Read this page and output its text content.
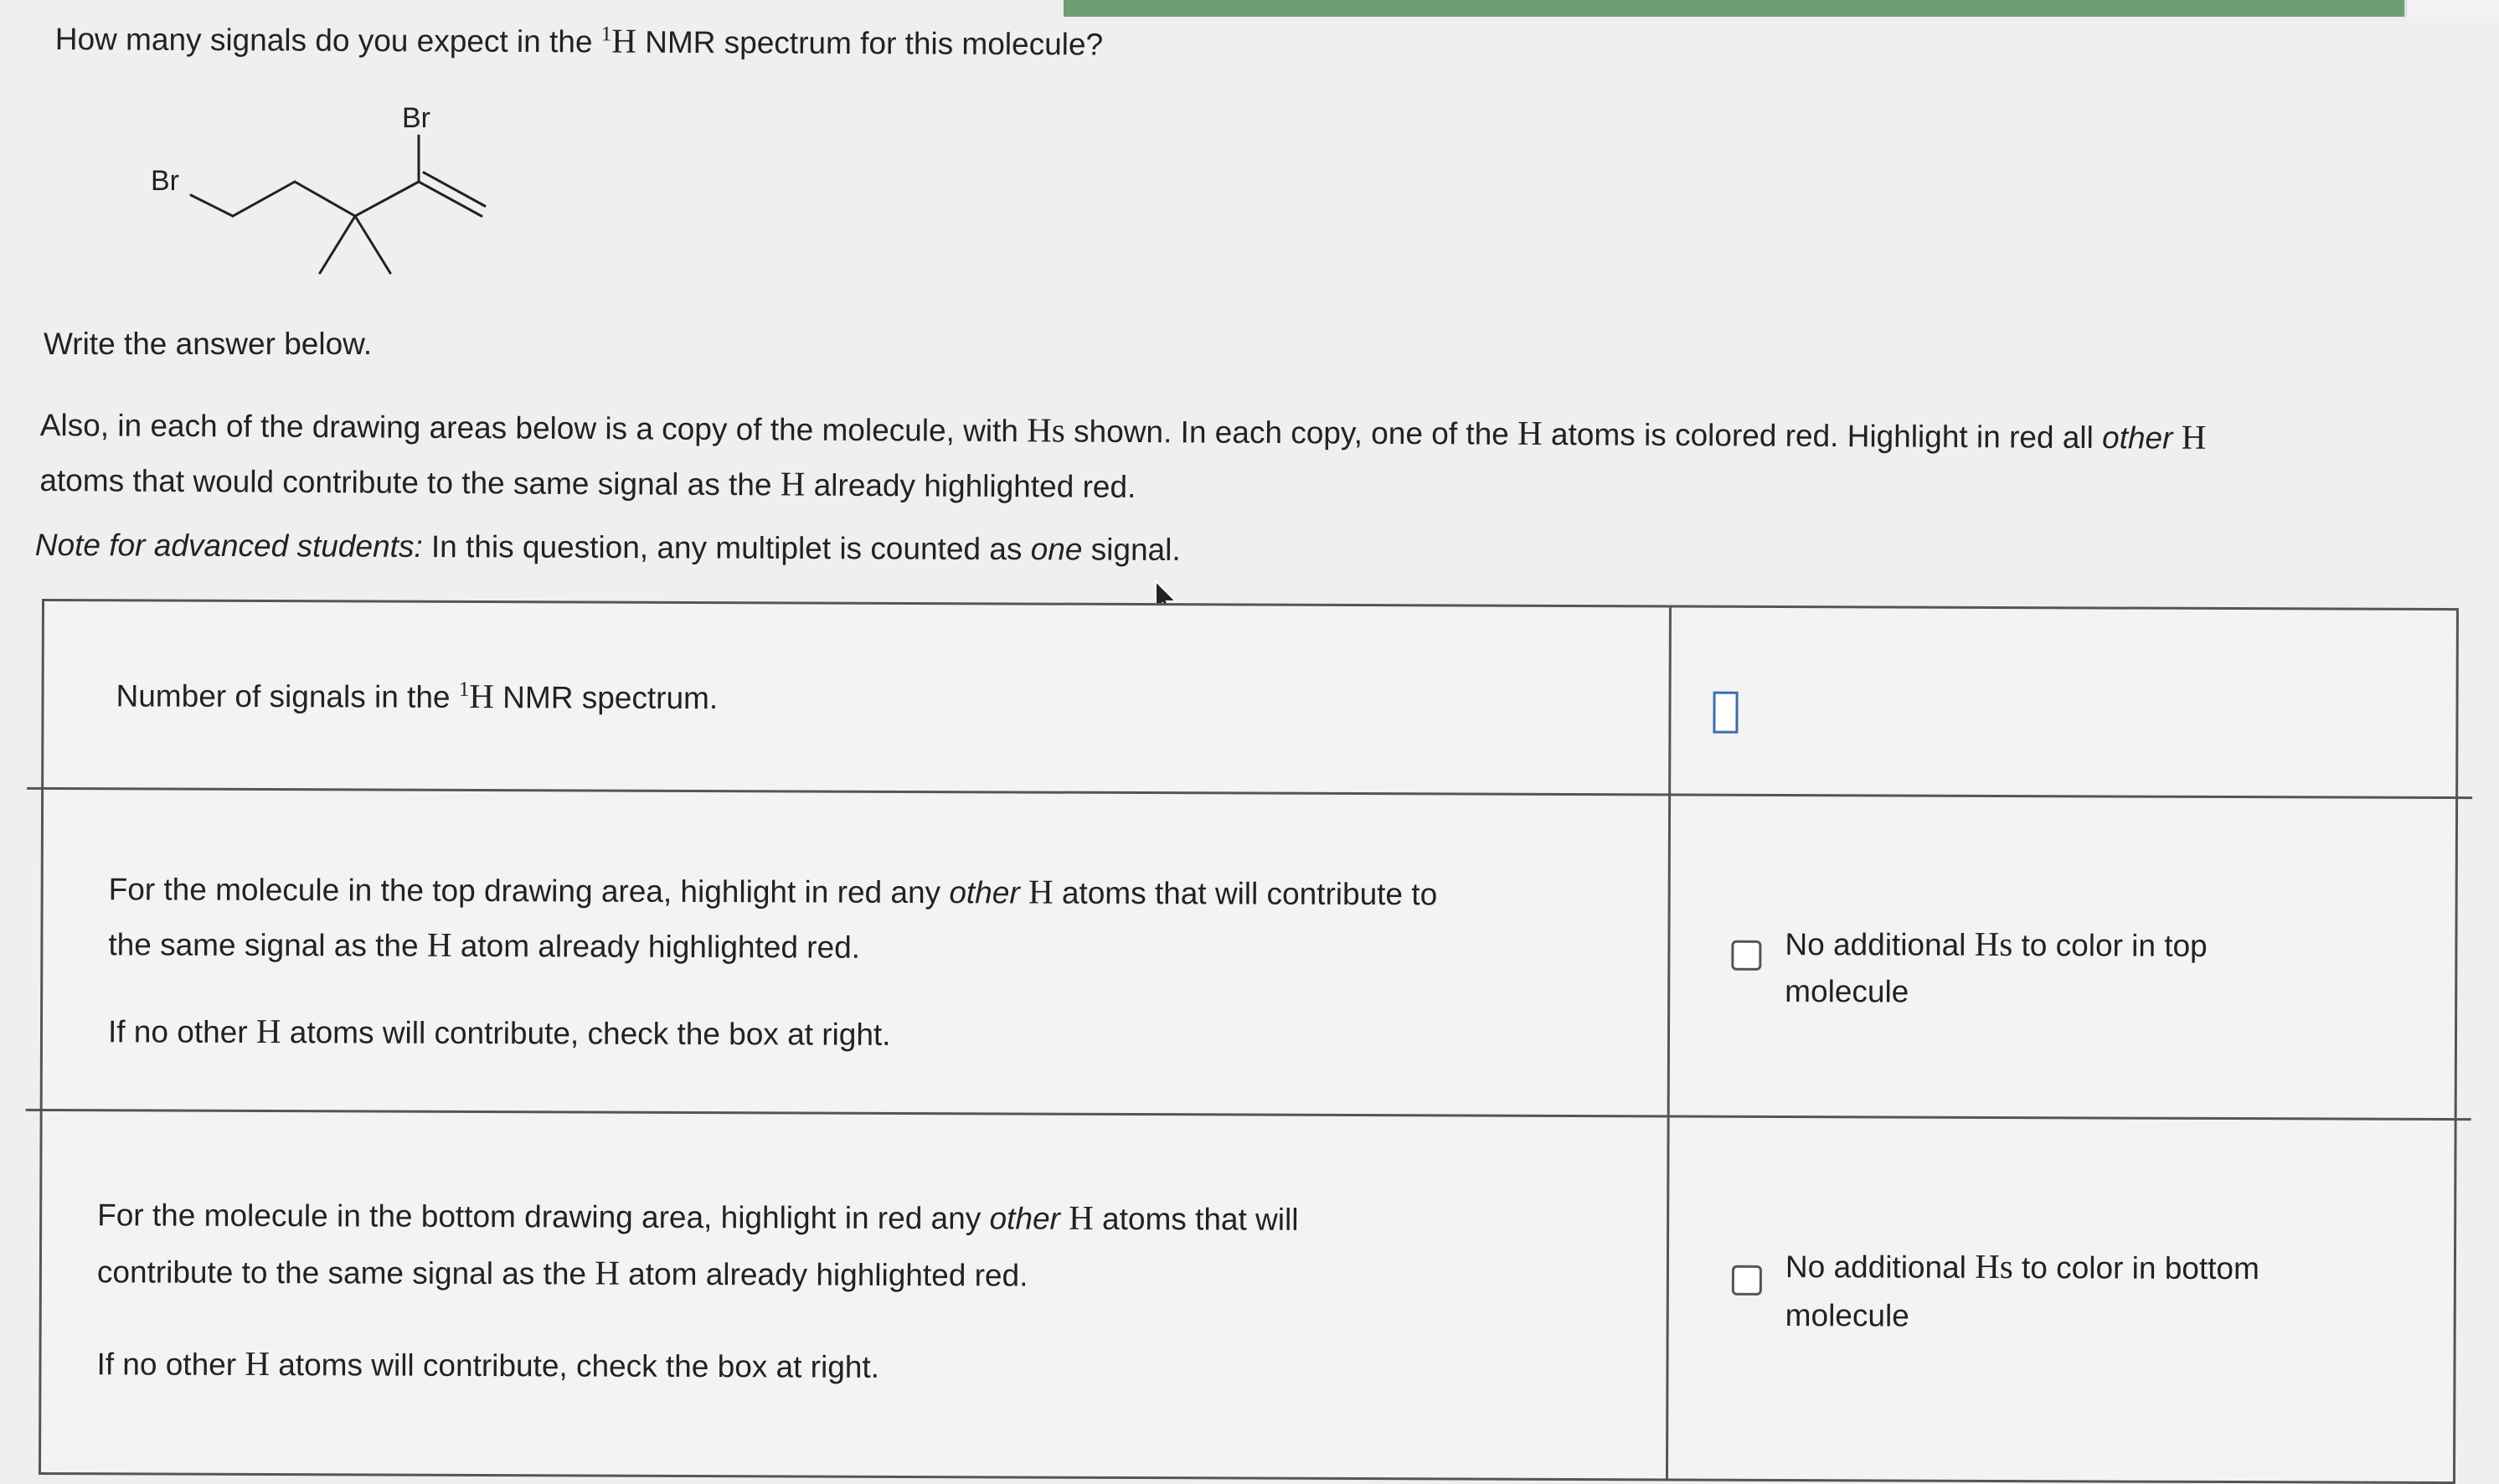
How many signals do you expect in the $^1$H NMR spectrum for this molecule?
Br
Br
Write the answer below.
Also, in each of the drawing areas below is a copy of the molecule, with Hs shown. In each copy, one of the H atoms is colored red. Highlight in red all other H
atoms that would contribute to the same signal as the H already highlighted red.
Note for advanced students: In this question, any multiplet is counted as one signal.
Number of signals in the $^1$H NMR spectrum.
For the molecule in the top drawing area, highlight in red any other H atoms that will contribute to
the same signal as the H atom already highlighted red.
If no other H atoms will contribute, check the box at right.
No additional Hs to color in top
molecule
For the molecule in the bottom drawing area, highlight in red any other H atoms that will
contribute to the same signal as the H atom already highlighted red.
If no other H atoms will contribute, check the box at right.
No additional Hs to color in bottom
molecule
